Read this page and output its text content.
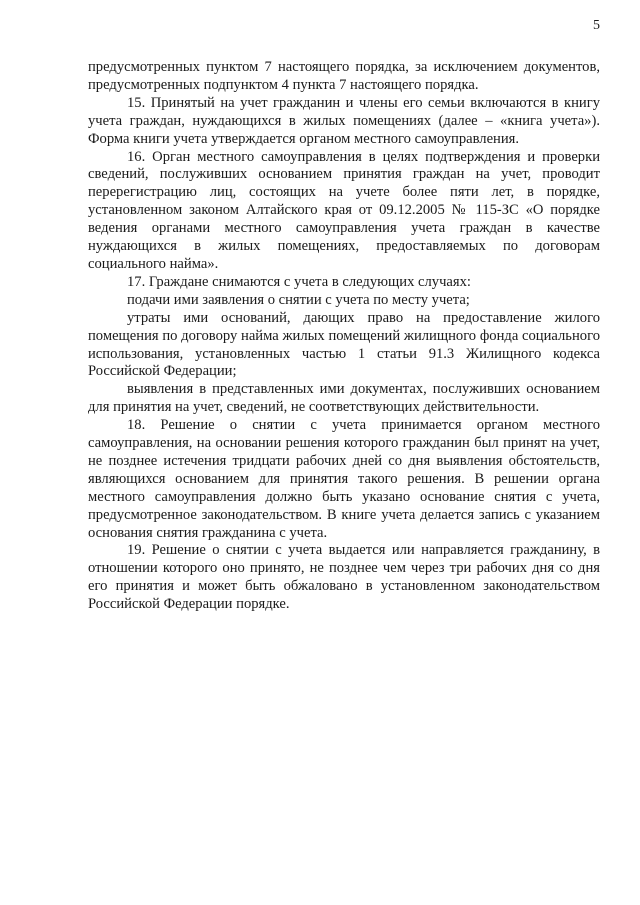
5

предусмотренных пунктом 7 настоящего порядка, за исключением документов, предусмотренных подпунктом 4 пункта 7 настоящего порядка.

15. Принятый на учет гражданин и члены его семьи включаются в книгу учета граждан, нуждающихся в жилых помещениях (далее – «книга учета»). Форма книги учета утверждается органом местного самоуправления.

16. Орган местного самоуправления в целях подтверждения и проверки сведений, послуживших основанием принятия граждан на учет, проводит перерегистрацию лиц, состоящих на учете более пяти лет, в порядке, установленном законом Алтайского края от 09.12.2005 № 115-ЗС «О порядке ведения органами местного самоуправления учета граждан в качестве нуждающихся в жилых помещениях, предоставляемых по договорам социального найма».

17. Граждане снимаются с учета в следующих случаях:

подачи ими заявления о снятии с учета по месту учета;

утраты ими оснований, дающих право на предоставление жилого помещения по договору найма жилых помещений жилищного фонда социального использования, установленных частью 1 статьи 91.3 Жилищного кодекса Российской Федерации;

выявления в представленных ими документах, послуживших основанием для принятия на учет, сведений, не соответствующих действительности.

18. Решение о снятии с учета принимается органом местного самоуправления, на основании решения которого гражданин был принят на учет, не позднее истечения тридцати рабочих дней со дня выявления обстоятельств, являющихся основанием для принятия такого решения. В решении органа местного самоуправления должно быть указано основание снятия с учета, предусмотренное законодательством. В книге учета делается запись с указанием основания снятия гражданина с учета.

19. Решение о снятии с учета выдается или направляется гражданину, в отношении которого оно принято, не позднее чем через три рабочих дня со дня его принятия и может быть обжаловано в установленном законодательством Российской Федерации порядке.
